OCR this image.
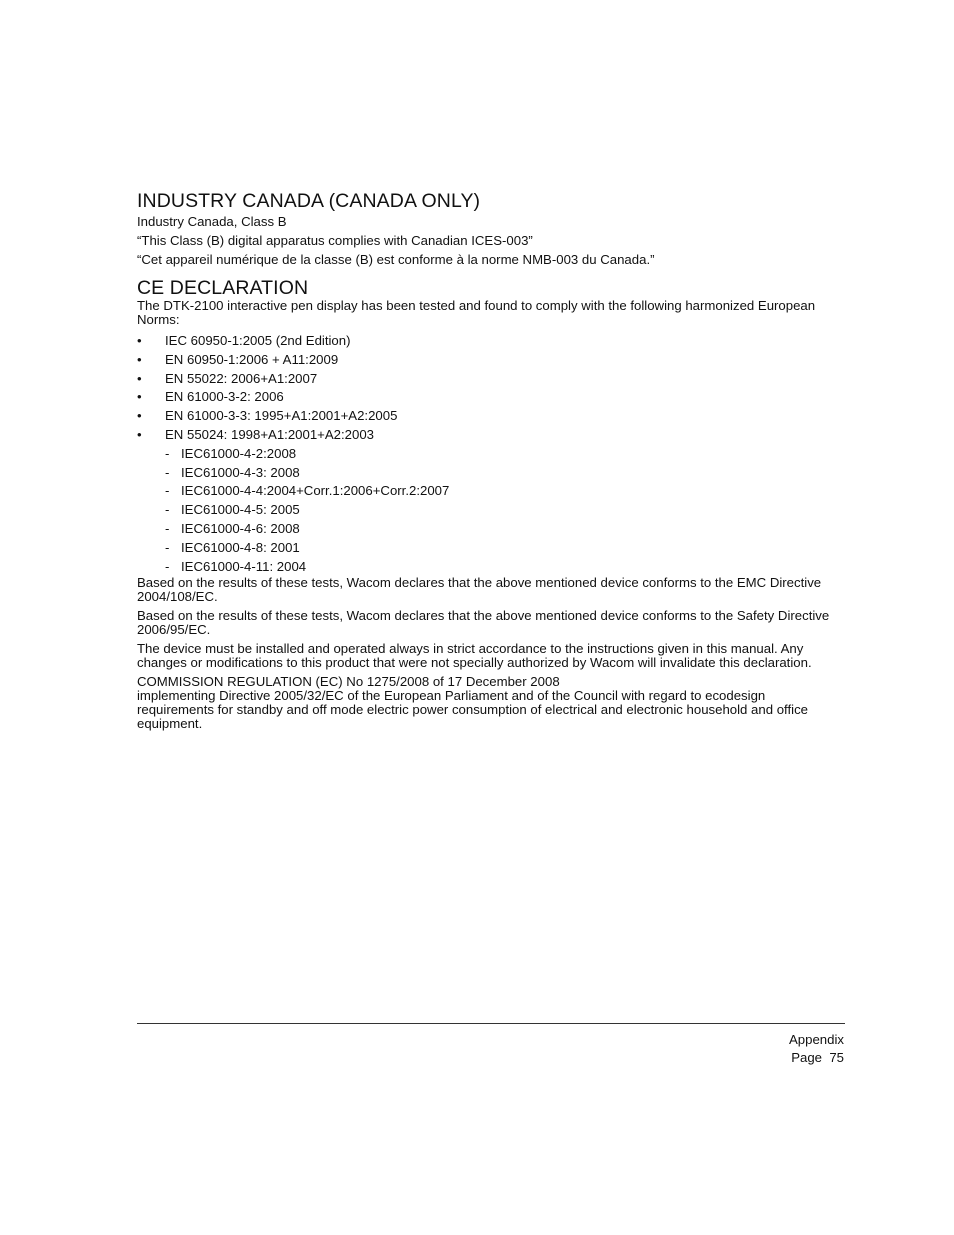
INDUSTRY CANADA (CANADA ONLY)
Industry Canada, Class B
“This Class (B) digital apparatus complies with Canadian ICES-003”
“Cet appareil numérique de la classe (B) est conforme à la norme NMB-003 du Canada.”
CE DECLARATION

The DTK-2100 interactive pen display has been tested and found to comply with the following harmonized European Norms:

• IEC 60950-1:2005 (2nd Edition)
• EN 60950-1:2006 + A11:2009
• EN 55022: 2006+A1:2007
• EN 61000-3-2: 2006
• EN 61000-3-3: 1995+A1:2001+A2:2005
• EN 55024: 1998+A1:2001+A2:2003
- IEC61000-4-2:2008
- IEC61000-4-3: 2008
- IEC61000-4-4:2004+Corr.1:2006+Corr.2:2007
- IEC61000-4-5: 2005
- IEC61000-4-6: 2008
- IEC61000-4-8: 2001
- IEC61000-4-11: 2004

Based on the results of these tests, Wacom declares that the above mentioned device conforms to the EMC Directive 2004/108/EC.

Based on the results of these tests, Wacom declares that the above mentioned device conforms to the Safety Directive 2006/95/EC.

The device must be installed and operated always in strict accordance to the instructions given in this manual. Any changes or modifications to this product that were not specially authorized by Wacom will invalidate this declaration.

COMMISSION REGULATION (EC) No 1275/2008 of 17 December 2008

implementing Directive 2005/32/EC of the European Parliament and of the Council with regard to ecodesign requirements for standby and off mode electric power consumption of electrical and electronic household and office equipment.

Appendix
Page  75
